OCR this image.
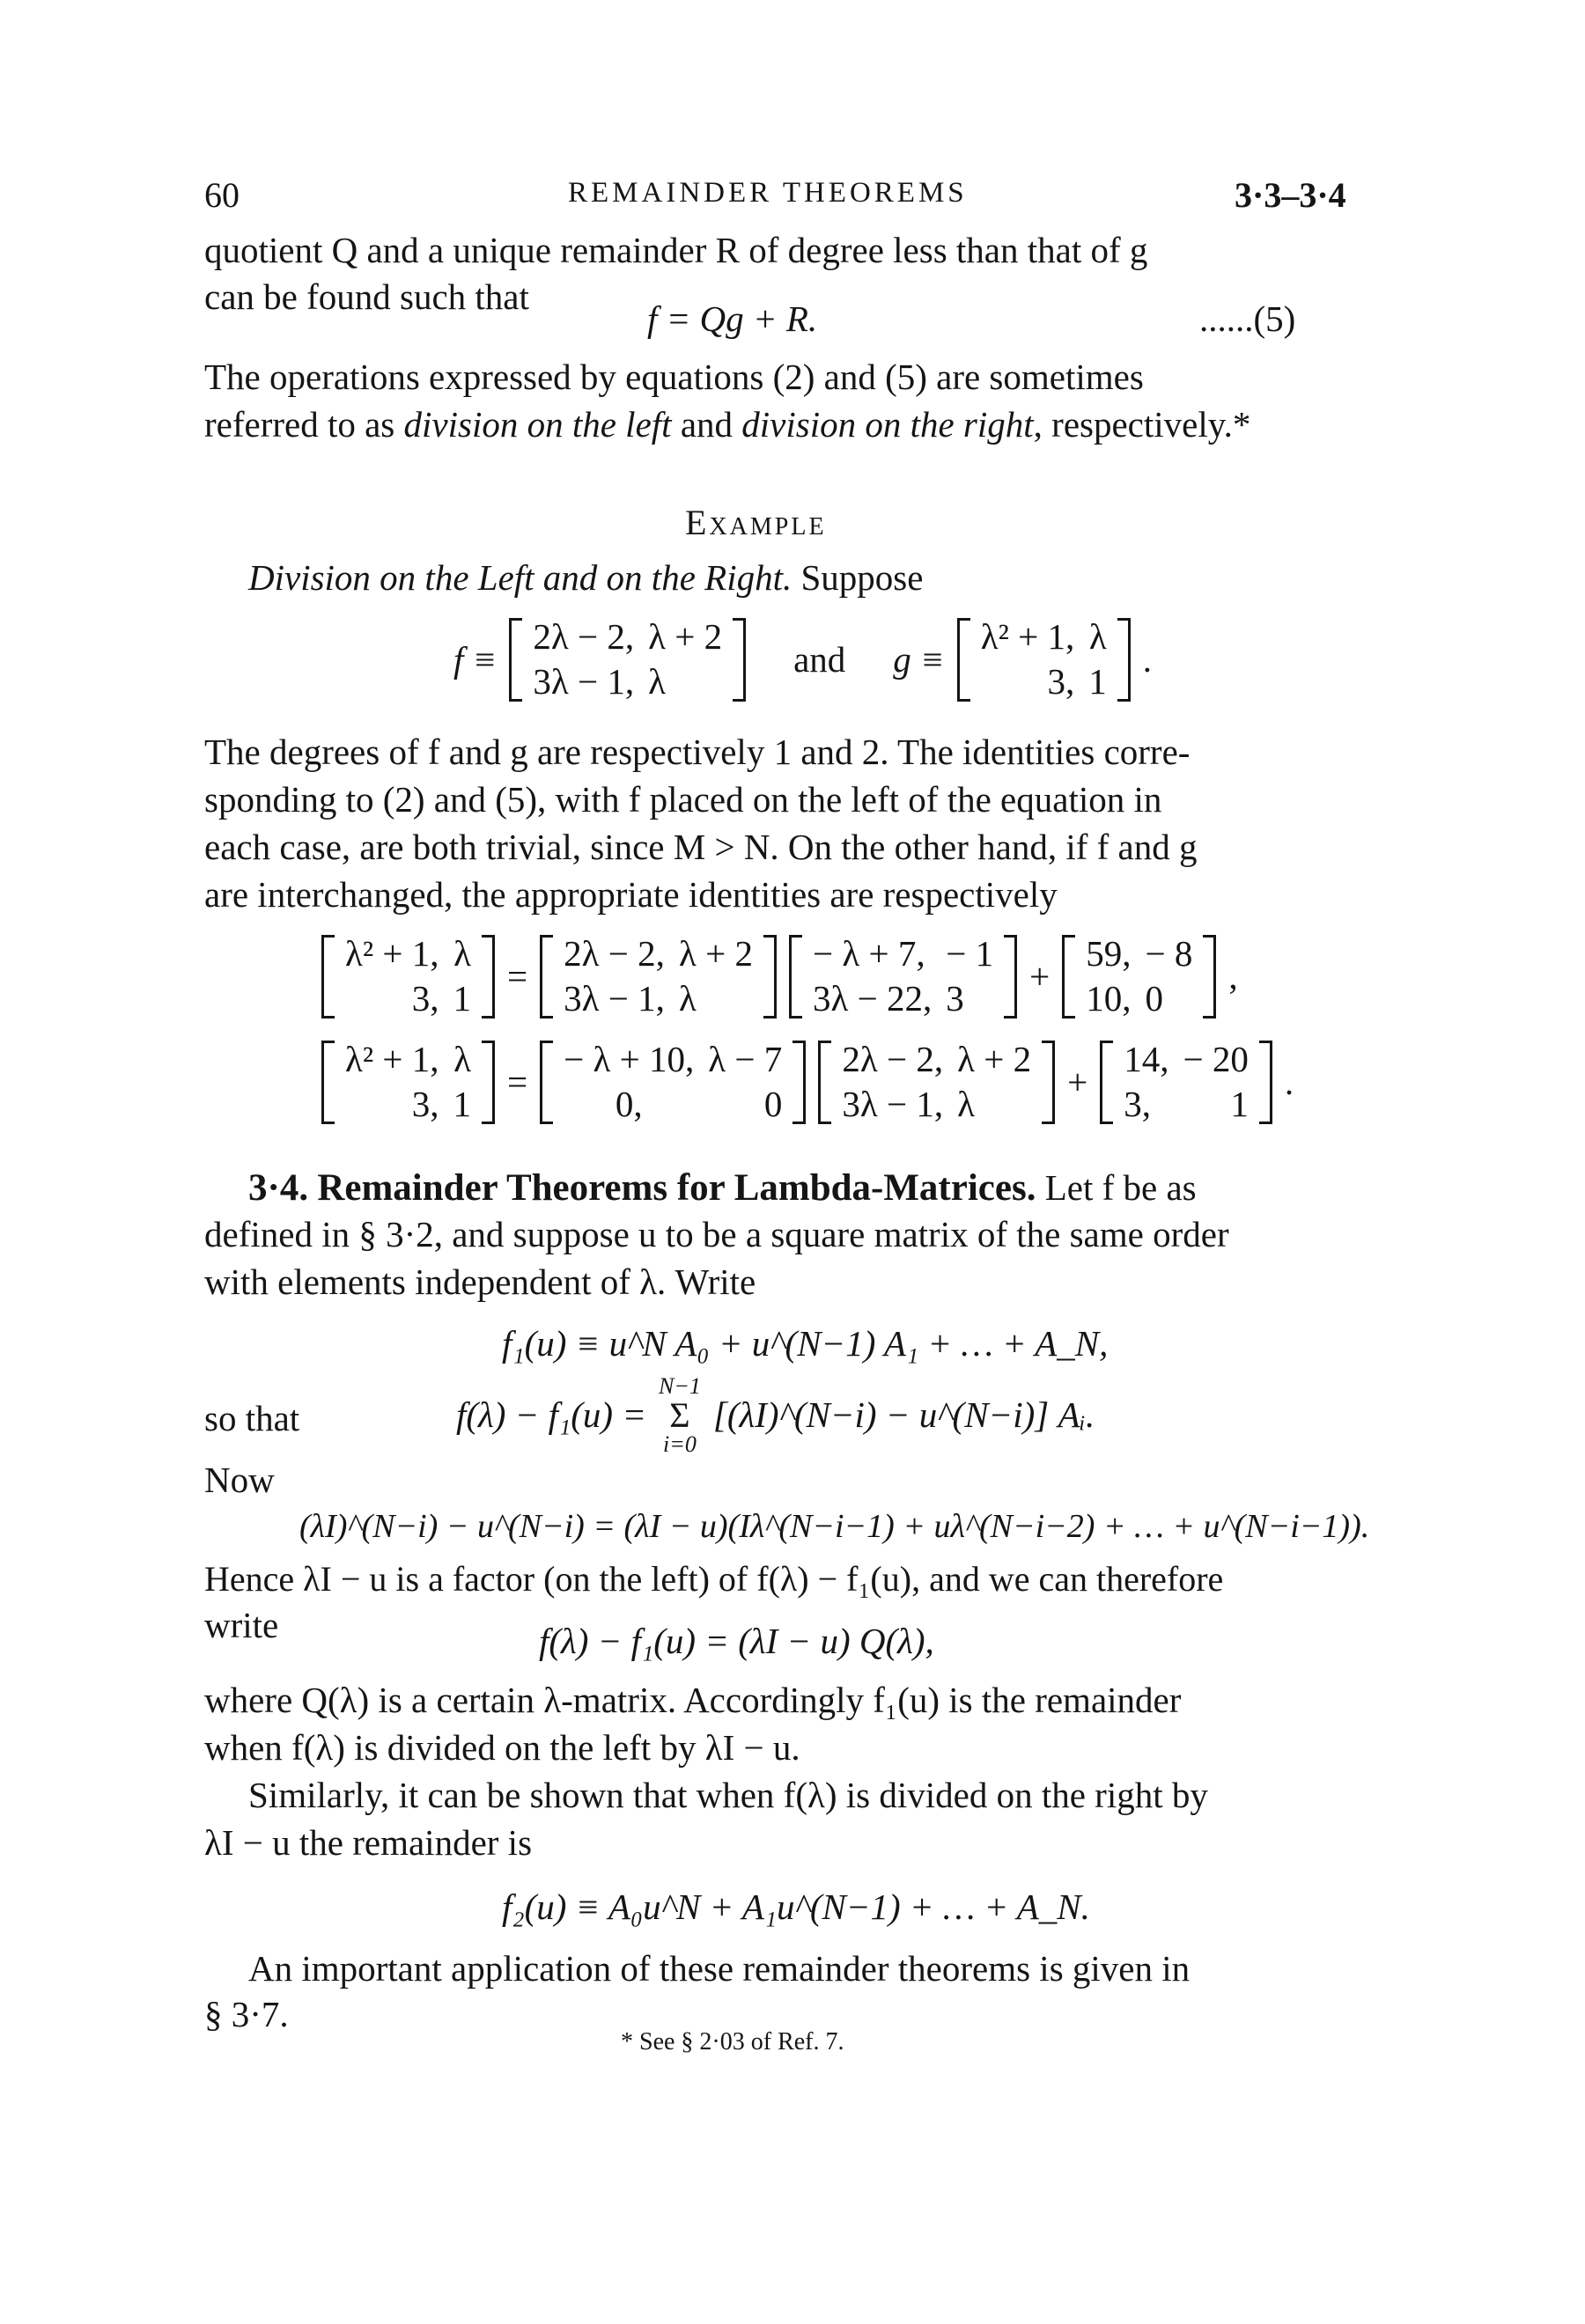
60	REMAINDER THEOREMS	3·3–3·4
quotient Q and a unique remainder R of degree less than that of g
can be found such that
f = Qg + R.	......(5)
The operations expressed by equations (2) and (5) are sometimes
referred to as division on the left and division on the right, respectively.*
Example
Division on the Left and on the Right. Suppose
f ≡
2λ − 2,	λ + 2
3λ − 1,	λ
and g ≡
λ² + 1,	λ
3,	1
.
The degrees of f and g are respectively 1 and 2. The identities corre-
sponding to (2) and (5), with f placed on the left of the equation in
each case, are both trivial, since M > N. On the other hand, if f and g
are interchanged, the appropriate identities are respectively
λ² + 1,	λ
3,	1
=
2λ − 2,	λ + 2
3λ − 1,	λ
− λ + 7,	− 1
3λ − 22,	3
+
59,	− 8
10,	0
,
λ² + 1,	λ
3,	1
=
− λ + 10,	λ − 7
0,	0
2λ − 2,	λ + 2
3λ − 1,	λ
+
14,	− 20
3,	1
.
3·4. Remainder Theorems for Lambda-Matrices. Let f be as
defined in § 3·2, and suppose u to be a square matrix of the same order
with elements independent of λ. Write
f₁(u) ≡ u^N A₀ + u^(N−1) A₁ + … + A_N,
so that	f(λ) − f₁(u) =
N−1
Σ
i=0
[(λI)^(N−i) − u^(N−i)] Aᵢ.
Now
(λI)^(N−i) − u^(N−i) = (λI − u)(Iλ^(N−i−1) + uλ^(N−i−2) + … + u^(N−i−1)).
Hence λI − u is a factor (on the left) of f(λ) − f₁(u), and we can therefore
write	f(λ) − f₁(u) = (λI − u) Q(λ),
where Q(λ) is a certain λ-matrix. Accordingly f₁(u) is the remainder
when f(λ) is divided on the left by λI − u.
Similarly, it can be shown that when f(λ) is divided on the right by
λI − u the remainder is
f₂(u) ≡ A₀u^N + A₁u^(N−1) + … + A_N.
An important application of these remainder theorems is given in
§ 3·7.
* See § 2·03 of Ref. 7.
